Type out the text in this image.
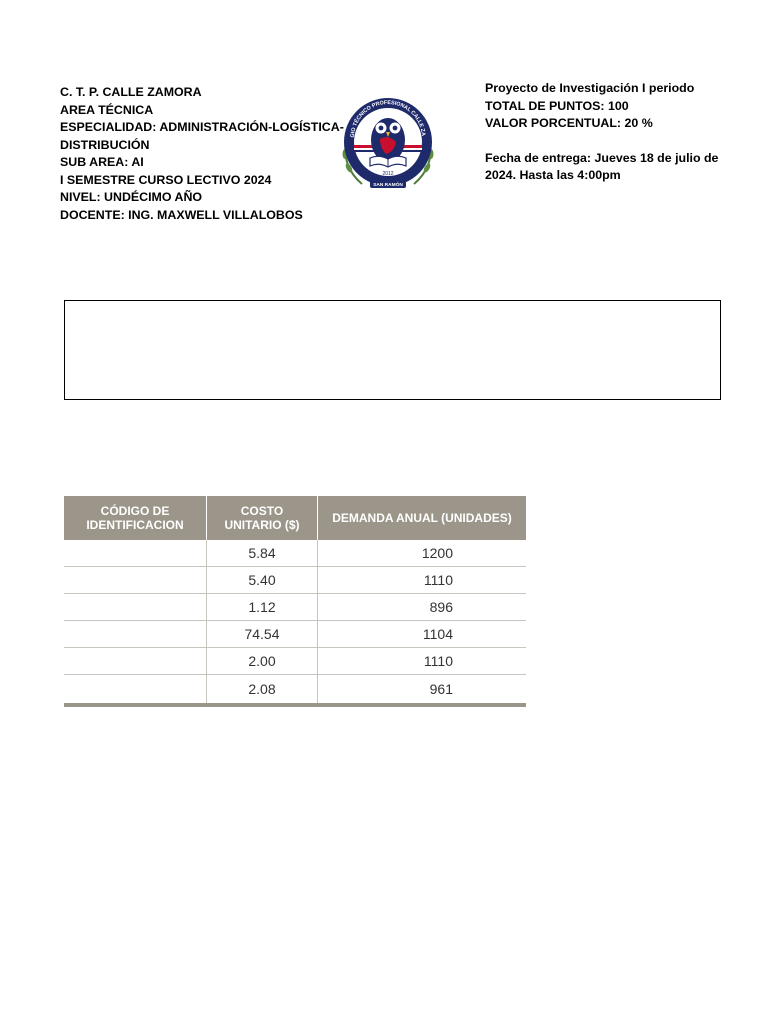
C. T. P. CALLE ZAMORA
AREA TÉCNICA
ESPECIALIDAD: ADMINISTRACIÓN-LOGÍSTICA-
DISTRIBUCIÓN
SUB AREA: AI
I SEMESTRE CURSO LECTIVO 2024
NIVEL: UNDÉCIMO AÑO
DOCENTE: ING. MAXWELL VILLALOBOS
GIO TÉCNICO PROFESIONAL CALLE ZA
2012
SAN RAMÓN
Proyecto de Investigación I periodo
TOTAL DE PUNTOS: 100
VALOR PORCENTUAL: 20 %
Fecha de entrega: Jueves 18 de julio de
2024. Hasta las 4:00pm
CÓDIGO DE IDENTIFICACION	COSTO UNITARIO ($)	DEMANDA ANUAL (UNIDADES)
	5.84	1200
	5.40	1110
	1.12	896
	74.54	1104
	2.00	1110
	2.08	961
